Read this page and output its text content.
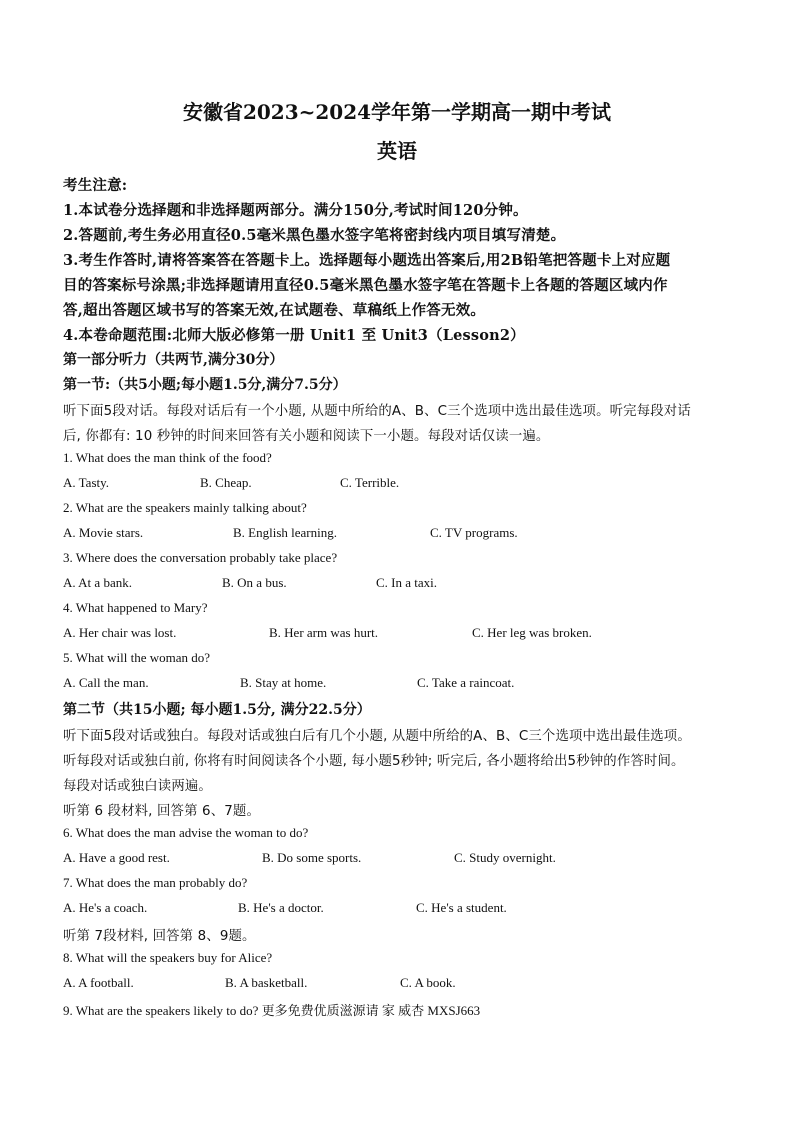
安徽省2023~2024学年第一学期高一期中考试
英语
考生注意:
1.本试卷分选择题和非选择题两部分。满分150分,考试时间120分钟。
2.答题前,考生务必用直径0.5毫米黑色墨水签字笔将密封线内项目填写清楚。
3.考生作答时,请将答案答在答题卡上。选择题每小题选出答案后,用2B铅笔把答题卡上对应题
目的答案标号涂黑;非选择题请用直径0.5毫米黑色墨水签字笔在答题卡上各题的答题区域内作
答,超出答题区域书写的答案无效,在试题卷、草稿纸上作答无效。
4.本卷命题范围:北师大版必修第一册 Unit1 至 Unit3（Lesson2）
第一部分听力（共两节,满分30分）
第一节:（共5小题;每小题1.5分,满分7.5分）
听下面5段对话。每段对话后有一个小题, 从题中所给的A、B、C三个选项中选出最佳选项。听完每段对话
后, 你都有: 10 秒钟的时间来回答有关小题和阅读下一小题。每段对话仅读一遍。
1. What does the man think of the food?
A. Tasty.	B. Cheap.	C. Terrible.
2. What are the speakers mainly talking about?
A. Movie stars.	B. English learning.	C. TV programs.
3. Where does the conversation probably take place?
A. At a bank.	B. On a bus.	C. In a taxi.
4. What happened to Mary?
A. Her chair was lost.	B. Her arm was hurt.	C. Her leg was broken.
5. What will the woman do?
A. Call the man.	B. Stay at home.	C. Take a raincoat.
第二节（共15小题; 每小题1.5分, 满分22.5分）
听下面5段对话或独白。每段对话或独白后有几个小题, 从题中所给的A、B、C三个选项中选出最佳选项。
听每段对话或独白前, 你将有时间阅读各个小题, 每小题5秒钟; 听完后, 各小题将给出5秒钟的作答时间。
每段对话或独白读两遍。
听第 6 段材料, 回答第 6、7题。
6. What does the man advise the woman to do?
A. Have a good rest.	B. Do some sports.	C. Study overnight.
7. What does the man probably do?
A. He's a coach.	B. He's a doctor.	C. He's a student.
听第 7段材料, 回答第 8、9题。
8. What will the speakers buy for Alice?
A. A football.	B. A basketball.	C. A book.
9. What are the speakers likely to do? 更多免费优质滋源请 家 威杏 MXSJ663
